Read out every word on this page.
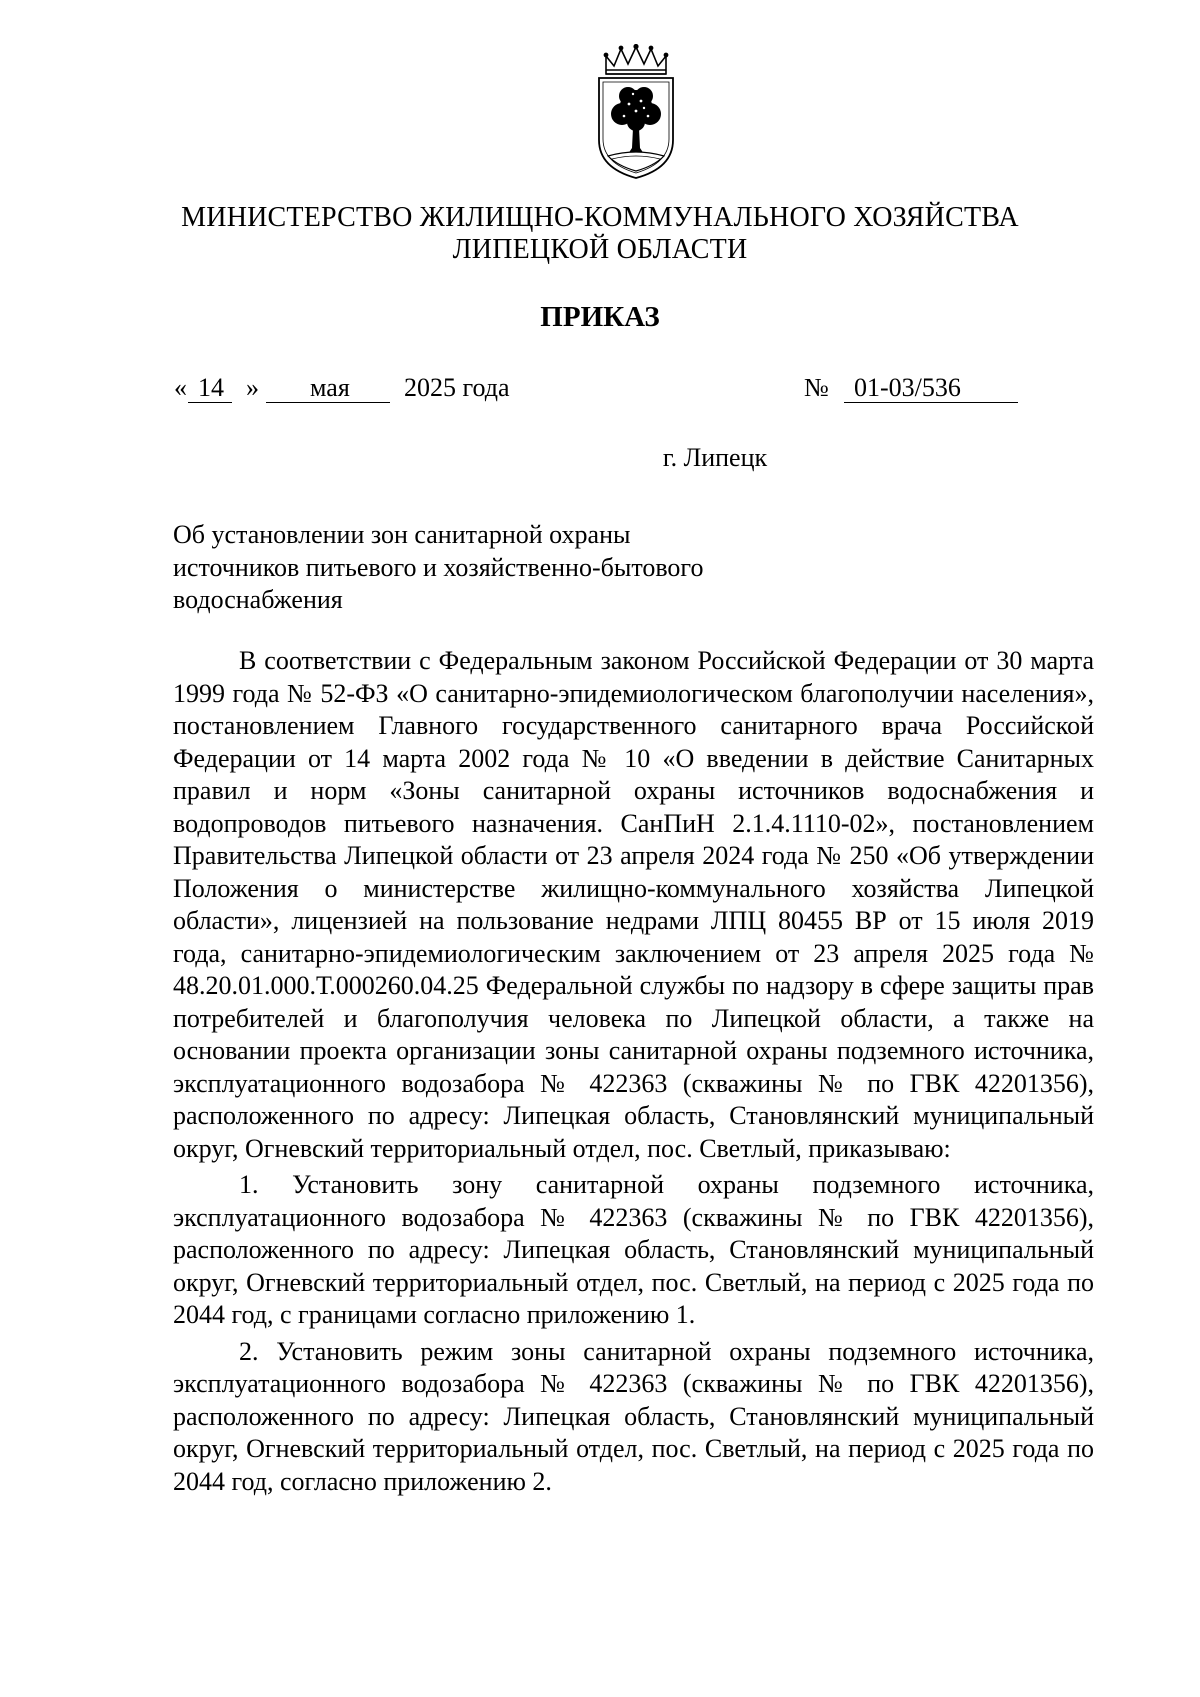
МИНИСТЕРСТВО ЖИЛИЩНО-КОММУНАЛЬНОГО ХОЗЯЙСТВА
ЛИПЕЦКОЙ ОБЛАСТИ
ПРИКАЗ
« 14 » мая 2025 года	№ 01-03/536
г. Липецк
Об установлении зон санитарной охраны
источников питьевого и хозяйственно-бытового
водоснабжения

В соответствии с Федеральным законом Российской Федерации от 30 марта 1999 года № 52-ФЗ «О санитарно-эпидемиологическом благополучии населения», постановлением Главного государственного санитарного врача Российской Федерации от 14 марта 2002 года № 10 «О введении в действие Санитарных правил и норм «Зоны санитарной охраны источников водоснабжения и водопроводов питьевого назначения. СанПиН 2.1.4.1110-02», постановлением Правительства Липецкой области от 23 апреля 2024 года № 250 «Об утверждении Положения о министерстве жилищно-коммунального хозяйства Липецкой области», лицензией на пользование недрами ЛПЦ 80455 ВР от 15 июля 2019 года, санитарно-эпидемиологическим заключением от 23 апреля 2025 года № 48.20.01.000.Т.000260.04.25 Федеральной службы по надзору в сфере защиты прав потребителей и благополучия человека по Липецкой области, а также на основании проекта организации зоны санитарной охраны подземного источника, эксплуатационного водозабора № 422363 (скважины № по ГВК 42201356), расположенного по адресу: Липецкая область, Становлянский муниципальный округ, Огневский территориальный отдел, пос. Светлый, приказываю:

1. Установить зону санитарной охраны подземного источника, эксплуатационного водозабора № 422363 (скважины № по ГВК 42201356), расположенного по адресу: Липецкая область, Становлянский муниципальный округ, Огневский территориальный отдел, пос. Светлый, на период с 2025 года по 2044 год, с границами согласно приложению 1.

2. Установить режим зоны санитарной охраны подземного источника, эксплуатационного водозабора № 422363 (скважины № по ГВК 42201356), расположенного по адресу: Липецкая область, Становлянский муниципальный округ, Огневский территориальный отдел, пос. Светлый, на период с 2025 года по 2044 год, согласно приложению 2.
